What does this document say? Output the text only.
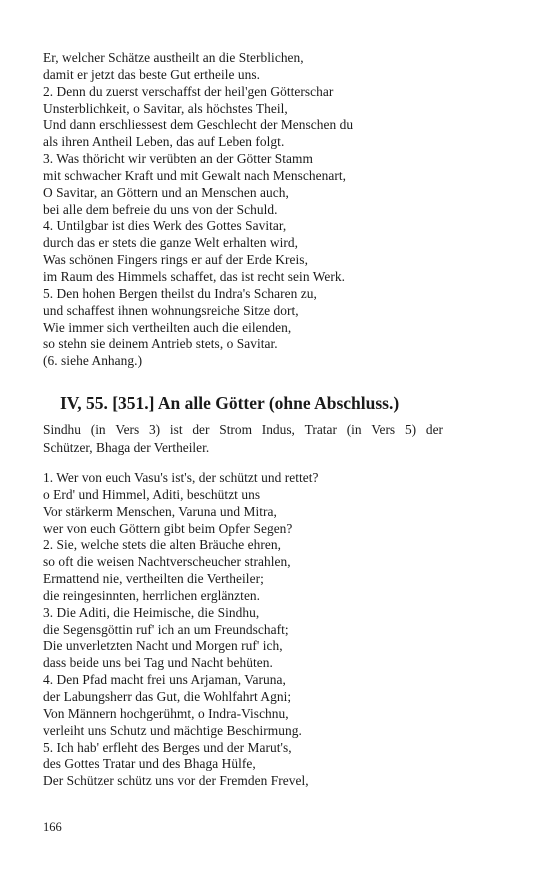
Er, welcher Schätze austheilt an die Sterblichen,
damit er jetzt das beste Gut ertheile uns.
2. Denn du zuerst verschaffst der heil'gen Götterschar
Unsterblichkeit, o Savitar, als höchstes Theil,
Und dann erschliessest dem Geschlecht der Menschen du
als ihren Antheil Leben, das auf Leben folgt.
3. Was thöricht wir verübten an der Götter Stamm
mit schwacher Kraft und mit Gewalt nach Menschenart,
O Savitar, an Göttern und an Menschen auch,
bei alle dem befreie du uns von der Schuld.
4. Untilgbar ist dies Werk des Gottes Savitar,
durch das er stets die ganze Welt erhalten wird,
Was schönen Fingers rings er auf der Erde Kreis,
im Raum des Himmels schaffet, das ist recht sein Werk.
5. Den hohen Bergen theilst du Indra's Scharen zu,
und schaffest ihnen wohnungsreiche Sitze dort,
Wie immer sich vertheilten auch die eilenden,
so stehn sie deinem Antrieb stets, o Savitar.
(6. siehe Anhang.)
IV, 55. [351.] An alle Götter (ohne Abschluss.)
Sindhu (in Vers 3) ist der Strom Indus, Tratar (in Vers 5) der
Schützer, Bhaga der Vertheiler.
1. Wer von euch Vasu's ist's, der schützt und rettet?
o Erd' und Himmel, Aditi, beschützt uns
Vor stärkerm Menschen, Varuna und Mitra,
wer von euch Göttern gibt beim Opfer Segen?
2. Sie, welche stets die alten Bräuche ehren,
so oft die weisen Nachtverscheucher strahlen,
Ermattend nie, vertheilten die Vertheiler;
die reingesinnten, herrlichen erglänzten.
3. Die Aditi, die Heimische, die Sindhu,
die Segensgöttin ruf' ich an um Freundschaft;
Die unverletzten Nacht und Morgen ruf' ich,
dass beide uns bei Tag und Nacht behüten.
4. Den Pfad macht frei uns Arjaman, Varuna,
der Labungsherr das Gut, die Wohlfahrt Agni;
Von Männern hochgerühmt, o Indra-Vischnu,
verleiht uns Schutz und mächtige Beschirmung.
5. Ich hab' erfleht des Berges und der Marut's,
des Gottes Tratar und des Bhaga Hülfe,
Der Schützer schütz uns vor der Fremden Frevel,
166
